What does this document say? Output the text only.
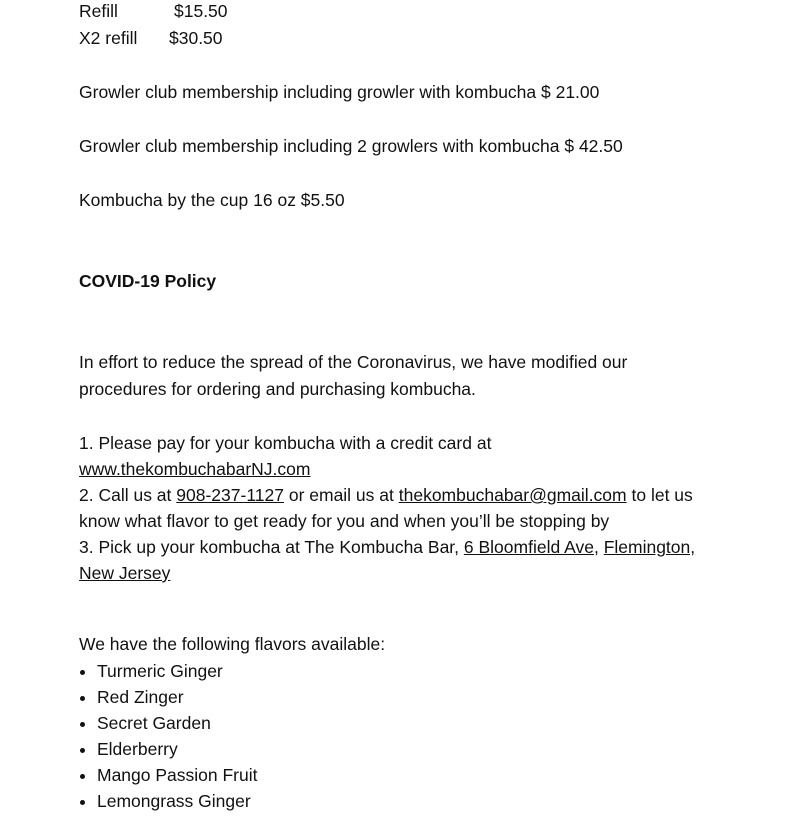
Refill	$15.50
X2 refill $30.50

Growler club membership including growler with kombucha $ 21.00

Growler club membership including 2 growlers with kombucha $ 42.50

Kombucha by the cup 16 oz $5.50

COVID-19 Policy

In effort to reduce the spread of the Coronavirus, we have modified our procedures for ordering and purchasing kombucha.

1. Please pay for your kombucha with a credit card at www.thekombuchabarNJ.com

2. Call us at 908-237-1127 or email us at thekombuchabar@gmail.com to let us know what flavor to get ready for you and when you’ll be stopping by

3. Pick up your kombucha at The Kombucha Bar, 6 Bloomfield Ave, Flemington, New Jersey

We have the following flavors available:

• Turmeric Ginger
• Red Zinger
• Secret Garden
• Elderberry
• Mango Passion Fruit
• Lemongrass Ginger
